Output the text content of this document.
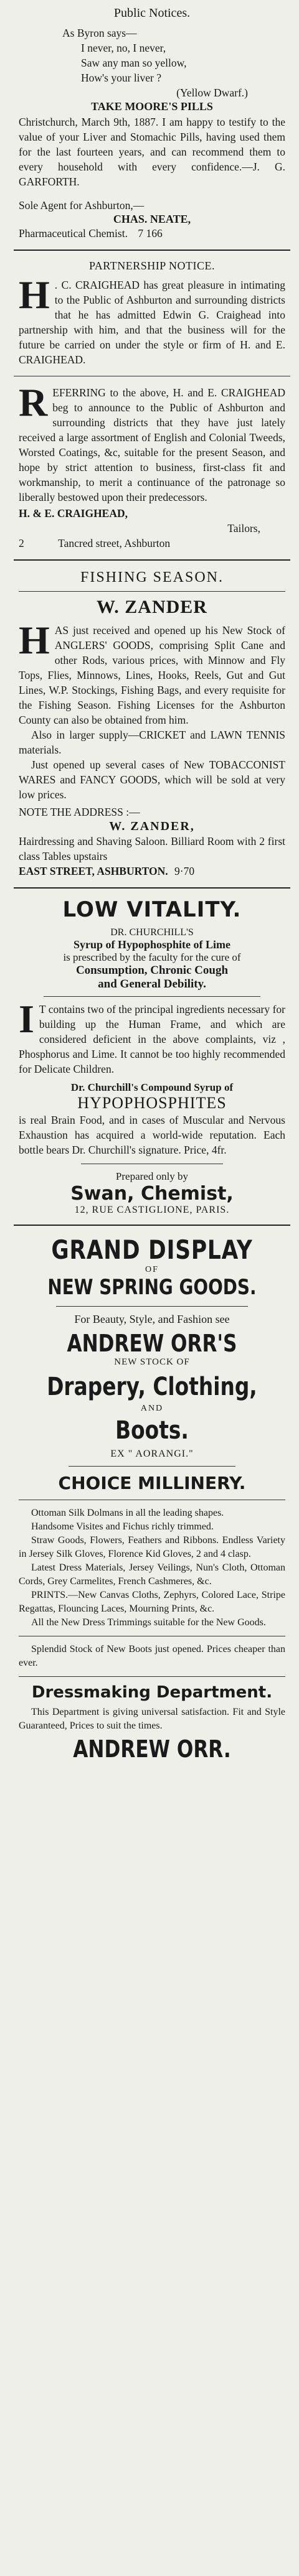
Public Notices.

As Byron says—

I never, no, I never,

Saw any man so yellow,

How's your liver ?

(Yellow Dwarf.)

TAKE MOORE'S PILLS

Christchurch, March 9th, 1887. I am happy to testify to the value of your Liver and Stomachic Pills, having used them for the last fourteen years, and can recommend them to every household with every confidence.—J. G. GARFORTH.

Sole Agent for Ashburton,—

CHAS. NEATE,

Pharmaceutical Chemist. 7 166

PARTNERSHIP NOTICE.

H . C. CRAIGHEAD has great pleasure in intimating to the Public of Ashburton and surrounding districts that he has admitted Edwin G. Craighead into partnership with him, and that the business will for the future be carried on under the style or firm of H. and E. CRAIGHEAD.

R EFERRING to the above, H. and E. CRAIGHEAD beg to announce to the Public of Ashburton and surrounding districts that they have just lately received a large assortment of English and Colonial Tweeds, Worsted Coatings, &c, suitable for the present Season, and hope by strict attention to business, first-class fit and workmanship, to merit a continuance of the patronage so liberally bestowed upon their predecessors.

H. & E. CRAIGHEAD,

Tailors,

2	Tancred street, Ashburton

FISHING SEASON.

W. ZANDER

H AS just received and opened up his New Stock of ANGLERS' GOODS, comprising Split Cane and other Rods, various prices, with Minnow and Fly Tops, Flies, Minnows, Lines, Hooks, Reels, Gut and Gut Lines, W.P. Stockings, Fishing Bags, and every requisite for the Fishing Season. Fishing Licenses for the Ashburton County can also be obtained from him.

Also in larger supply—CRICKET and LAWN TENNIS materials.

Just opened up several cases of New TOBACCONIST WARES and FANCY GOODS, which will be sold at very low prices.

NOTE THE ADDRESS :—

W. ZANDER,

Hairdressing and Shaving Saloon. Billiard Room with 2 first class Tables upstairs

EAST STREET, ASHBURTON. 9·70

LOW VITALITY.

DR. CHURCHILL'S

Syrup of Hypophosphite of Lime

is prescribed by the faculty for the cure of

Consumption, Chronic Cough

and General Debility.

I T contains two of the principal ingredients necessary for building up the Human Frame, and which are considered deficient in the above complaints, viz , Phosphorus and Lime. It cannot be too highly recommended for Delicate Children.

Dr. Churchill's Compound Syrup of

HYPOPHOSPHITES

is real Brain Food, and in cases of Muscular and Nervous Exhaustion has acquired a world-wide reputation. Each bottle bears Dr. Churchill's signature. Price, 4fr.

Prepared only by

Swan, Chemist,

12, RUE CASTIGLIONE, PARIS.

GRAND DISPLAY

OF

NEW SPRING GOODS.

For Beauty, Style, and Fashion see

ANDREW ORR'S

NEW STOCK OF

Drapery, Clothing,

AND

Boots.

EX " AORANGI."

CHOICE MILLINERY.

Ottoman Silk Dolmans in all the leading shapes.

Handsome Visites and Fichus richly trimmed.

Straw Goods, Flowers, Feathers and Ribbons. Endless Variety in Jersey Silk Gloves, Florence Kid Gloves, 2 and 4 clasp.

Latest Dress Materials, Jersey Veilings, Nun's Cloth, Ottoman Cords, Grey Carmelites, French Cashmeres, &c.

PRINTS.—New Canvas Cloths, Zephyrs, Colored Lace, Stripe Regattas, Flouncing Laces, Mourning Prints, &c.

All the New Dress Trimmings suitable for the New Goods.

Splendid Stock of New Boots just opened. Prices cheaper than ever.

Dressmaking Department.

This Department is giving universal satisfaction. Fit and Style Guaranteed, Prices to suit the times.

ANDREW ORR.
